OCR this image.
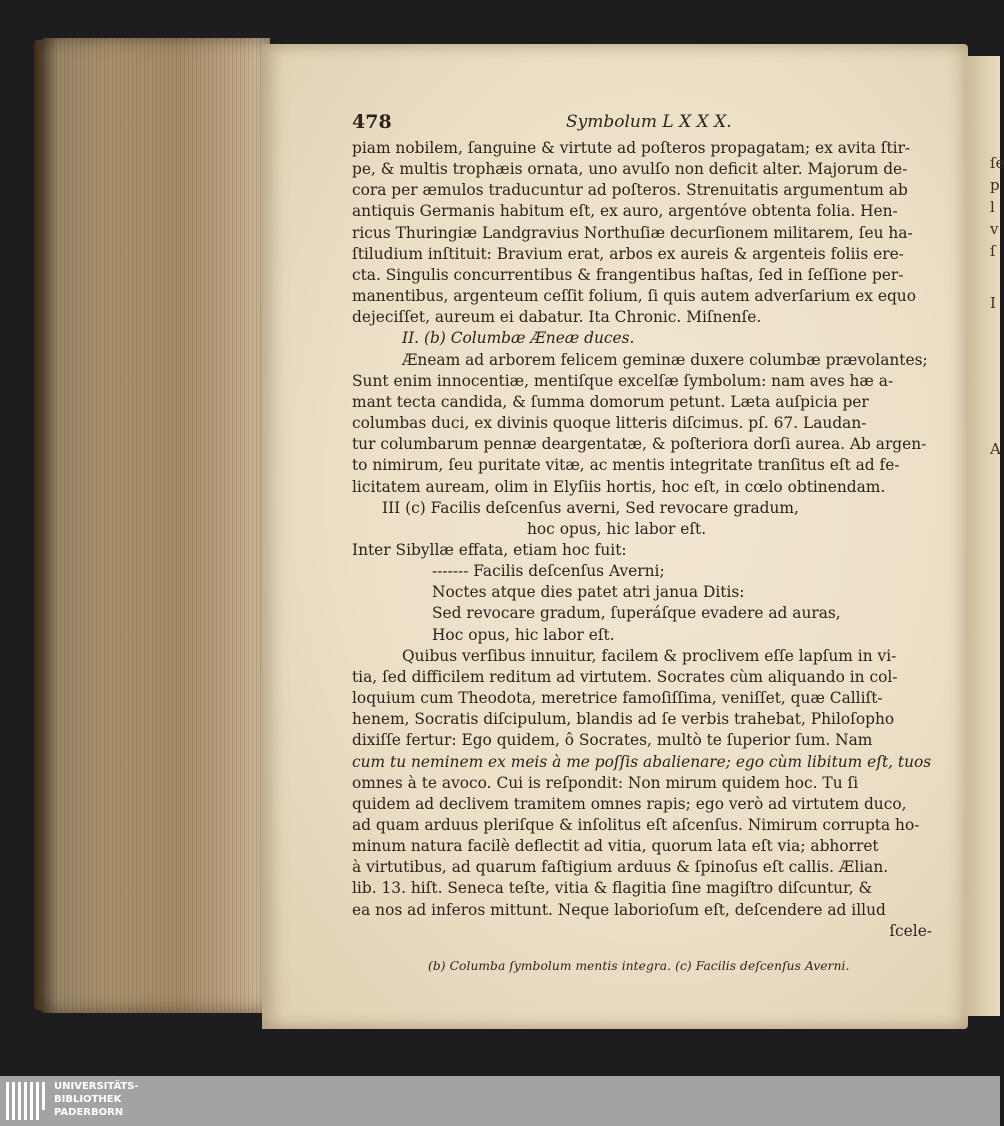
ſe
p
l
v
ſ
I
A
478	Symbolum L X X X.
piam nobilem, ſanguine & virtute ad poſteros propagatam; ex avita ſtir-
pe, & multis trophæis ornata, uno avulſo non deficit alter. Majorum de-
cora per æmulos traducuntur ad poſteros. Strenuitatis argumentum ab
antiquis Germanis habitum eſt, ex auro, argentóve obtenta folia. Hen-
ricus Thuringiæ Landgravius Northuſiæ decurſionem militarem, ſeu ha-
ſtiludium inſtituit: Bravium erat, arbos ex aureis & argenteis foliis ere-
cta. Singulis concurrentibus & frangentibus haſtas, ſed in ſeſſione per-
manentibus, argenteum ceſſit folium, ſi quis autem adverſarium ex equo
dejeciſſet, aureum ei dabatur. Ita Chronic. Miſnenſe.
II. (b) Columbæ Æneæ duces.
Æneam ad arborem felicem geminæ duxere columbæ prævolantes;
Sunt enim innocentiæ, mentiſque excelſæ ſymbolum: nam aves hæ a-
mant tecta candida, & ſumma domorum petunt. Læta auſpicia per
columbas duci, ex divinis quoque litteris diſcimus. pſ. 67. Laudan-
tur columbarum pennæ deargentatæ, & poſteriora dorſi aurea. Ab argen-
to nimirum, ſeu puritate vitæ, ac mentis integritate tranſitus eſt ad fe-
licitatem auream, olim in Elyſiis hortis, hoc eſt, in cœlo obtinendam.
III (c) Facilis deſcenſus averni, Sed revocare gradum,
hoc opus, hic labor eſt.
Inter Sibyllæ effata, etiam hoc fuit:
------- Facilis deſcenſus Averni;
Noctes atque dies patet atri janua Ditis:
Sed revocare gradum, ſuperáſque evadere ad auras,
Hoc opus, hic labor eſt.
Quibus verſibus innuitur, facilem & proclivem eſſe lapſum in vi-
tia, ſed difficilem reditum ad virtutem. Socrates cùm aliquando in col-
loquium cum Theodota, meretrice famoſiſſima, veniſſet, quæ Calliſt-
henem, Socratis diſcipulum, blandis ad ſe verbis trahebat, Philoſopho
dixiſſe fertur: Ego quidem, ô Socrates, multò te ſuperior ſum. Nam
cum tu neminem ex meis à me poſſis abalienare; ego cùm libitum eſt, tuos
omnes à te avoco. Cui is reſpondit: Non mirum quidem hoc. Tu ſi
quidem ad declivem tramitem omnes rapis; ego verò ad virtutem duco,
ad quam arduus pleriſque & inſolitus eſt aſcenſus. Nimirum corrupta ho-
minum natura facilè deflectit ad vitia, quorum lata eſt via; abhorret
à virtutibus, ad quarum faſtigium arduus & ſpinoſus eſt callis. Ælian.
lib. 13. hiſt. Seneca teſte, vitia & flagitia ſine magiſtro diſcuntur, &
ea nos ad inferos mittunt. Neque laborioſum eſt, deſcendere ad illud
ſcele-
(b) Columba ſymbolum mentis integra. (c) Facilis deſcenſus Averni.
UNIVERSITÄTS-
BIBLIOTHEK
PADERBORN
